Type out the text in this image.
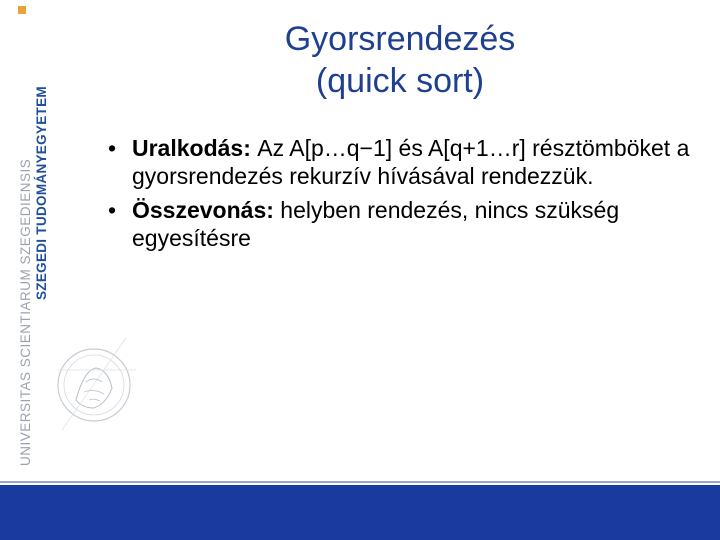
SZEGEDI TUDOMÁNYEGYETEM
UNIVERSITAS SCIENTIARUM SZEGEDIENSIS
Gyorsrendezés
(quick sort)
• Uralkodás: Az A[p…q−1] és A[q+1…r] résztömböket a gyorsrendezés rekurzív hívásával rendezzük.
• Összevonás: helyben rendezés, nincs szükség egyesítésre
